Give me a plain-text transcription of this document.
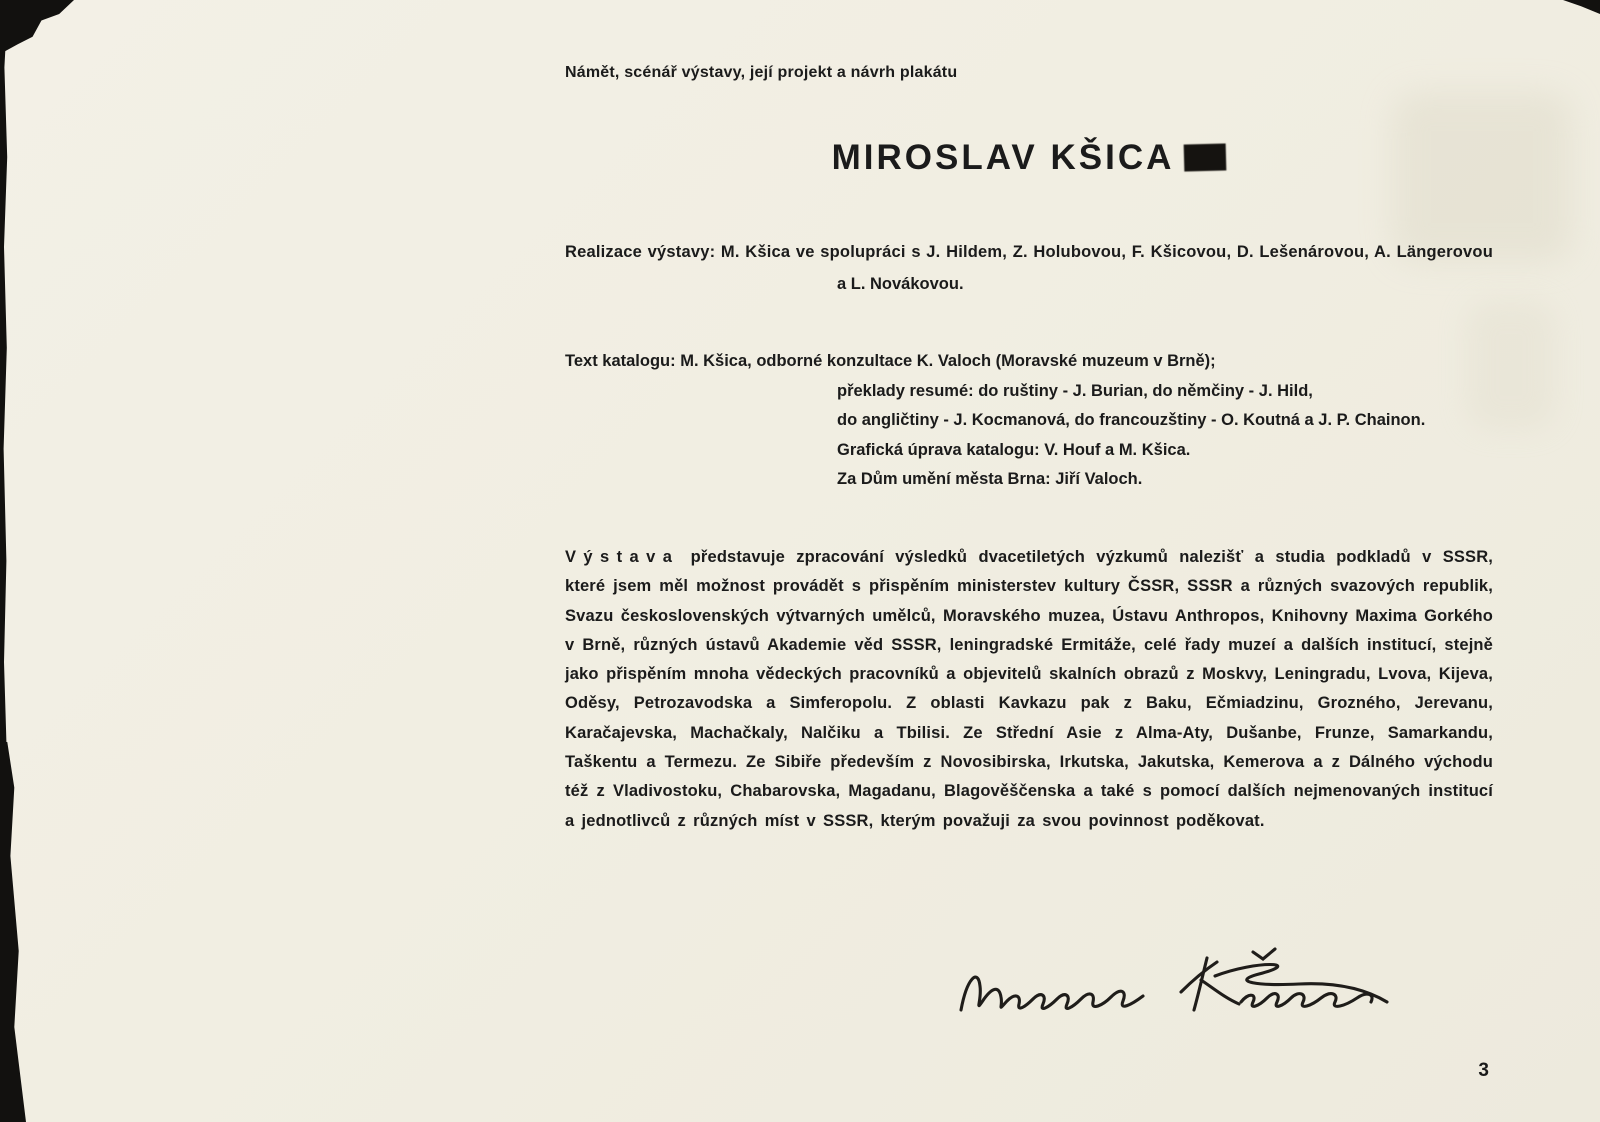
Námět, scénář výstavy, její projekt a návrh plakátu
MIROSLAV KŠICA
Realizace výstavy: M. Kšica ve spolupráci s J. Hildem, Z. Holubovou, F. Kšicovou, D. Lešenárovou, A. Längerovou
a L. Novákovou.
Text katalogu: M. Kšica, odborné konzultace K. Valoch (Moravské muzeum v Brně);
překlady resumé: do ruštiny - J. Burian, do němčiny - J. Hild,
do angličtiny - J. Kocmanová, do francouzštiny - O. Koutná a J. P. Chainon.
Grafická úprava katalogu: V. Houf a M. Kšica.
Za Dům umění města Brna: Jiří Valoch.

Výstava představuje zpracování výsledků dvacetiletých výzkumů nalezišť a studia podkladů v SSSR, které jsem měl možnost provádět s přispěním ministerstev kultury ČSSR, SSSR a různých svazových republik, Svazu československých výtvarných umělců, Moravského muzea, Ústavu Anthropos, Knihovny Maxima Gorkého v Brně, různých ústavů Akademie věd SSSR, leningradské Ermitáže, celé řady muzeí a dalších institucí, stejně jako přispěním mnoha vědeckých pracovníků a objevitelů skalních obrazů z Moskvy, Leningradu, Lvova, Kijeva, Oděsy, Petrozavodska a Simferopolu. Z oblasti Kavkazu pak z Baku, Ečmiadzinu, Grozného, Jerevanu, Karačajevska, Machačkaly, Nalčiku a Tbilisi. Ze Střední Asie z Alma-Aty, Dušanbe, Frunze, Samarkandu, Taškentu a Termezu. Ze Sibiře především z Novosibirska, Irkutska, Jakutska, Kemerova a z Dálného východu též z Vladivostoku, Chabarovska, Magadanu, Blagověščenska a také s pomocí dalších nejmenovaných institucí a jednotlivců z různých míst v SSSR, kterým považuji za svou povinnost poděkovat.

3
